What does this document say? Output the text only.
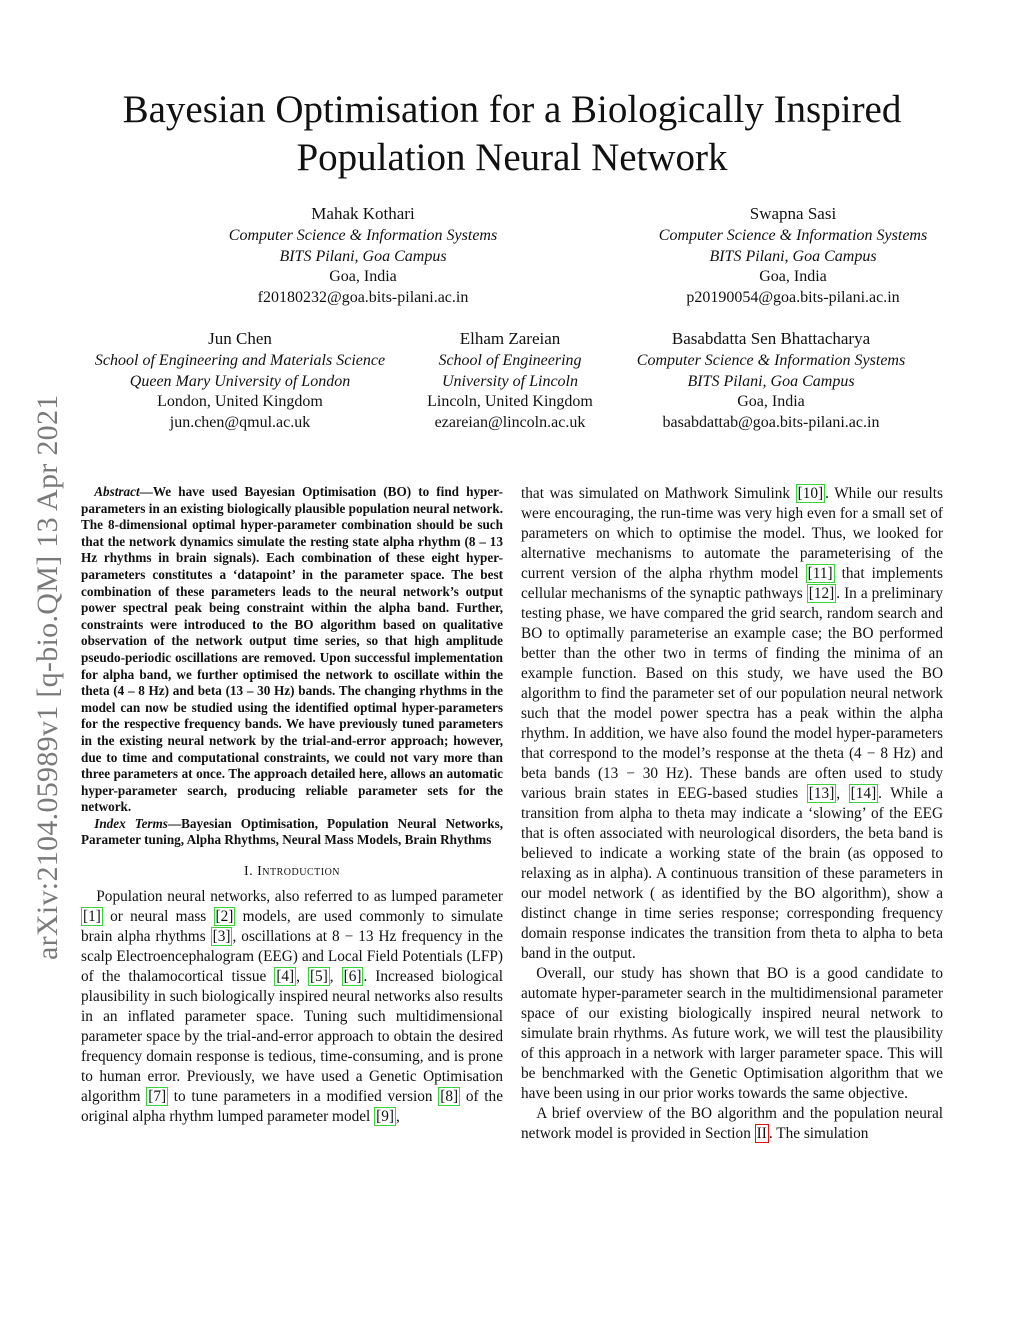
arXiv:2104.05989v1 [q-bio.QM] 13 Apr 2021
Bayesian Optimisation for a Biologically Inspired
Population Neural Network
Mahak Kothari
Computer Science & Information Systems
BITS Pilani, Goa Campus
Goa, India
f20180232@goa.bits-pilani.ac.in
Swapna Sasi
Computer Science & Information Systems
BITS Pilani, Goa Campus
Goa, India
p20190054@goa.bits-pilani.ac.in
Jun Chen
School of Engineering and Materials Science
Queen Mary University of London
London, United Kingdom
jun.chen@qmul.ac.uk
Elham Zareian
School of Engineering
University of Lincoln
Lincoln, United Kingdom
ezareian@lincoln.ac.uk
Basabdatta Sen Bhattacharya
Computer Science & Information Systems
BITS Pilani, Goa Campus
Goa, India
basabdattab@goa.bits-pilani.ac.in

Abstract—We have used Bayesian Optimisation (BO) to find hyper-parameters in an existing biologically plausible population neural network. The 8-dimensional optimal hyper-parameter combination should be such that the network dynamics simulate the resting state alpha rhythm (8 – 13 Hz rhythms in brain signals). Each combination of these eight hyper-parameters constitutes a ‘datapoint’ in the parameter space. The best combination of these parameters leads to the neural network’s output power spectral peak being constraint within the alpha band. Further, constraints were introduced to the BO algorithm based on qualitative observation of the network output time series, so that high amplitude pseudo-periodic oscillations are removed. Upon successful implementation for alpha band, we further optimised the network to oscillate within the theta (4 – 8 Hz) and beta (13 – 30 Hz) bands. The changing rhythms in the model can now be studied using the identified optimal hyper-parameters for the respective frequency bands. We have previously tuned parameters in the existing neural network by the trial-and-error approach; however, due to time and computational constraints, we could not vary more than three parameters at once. The approach detailed here, allows an automatic hyper-parameter search, producing reliable parameter sets for the network.

Index Terms—Bayesian Optimisation, Population Neural Networks, Parameter tuning, Alpha Rhythms, Neural Mass Models, Brain Rhythms

I. Introduction

Population neural networks, also referred to as lumped parameter [1] or neural mass [2] models, are used commonly to simulate brain alpha rhythms [3] , oscillations at 8 − 13 Hz frequency in the scalp Electroencephalogram (EEG) and Local Field Potentials (LFP) of the thalamocortical tissue [4] , [5] , [6] . Increased biological plausibility in such biologically inspired neural networks also results in an inflated parameter space. Tuning such multidimensional parameter space by the trial-and-error approach to obtain the desired frequency domain response is tedious, time-consuming, and is prone to human error. Previously, we have used a Genetic Optimisation algorithm [7] to tune parameters in a modified version [8] of the original alpha rhythm lumped parameter model [9] ,

that was simulated on Mathwork Simulink [10] . While our results were encouraging, the run-time was very high even for a small set of parameters on which to optimise the model. Thus, we looked for alternative mechanisms to automate the parameterising of the current version of the alpha rhythm model [11] that implements cellular mechanisms of the synaptic pathways [12] . In a preliminary testing phase, we have compared the grid search, random search and BO to optimally parameterise an example case; the BO performed better than the other two in terms of finding the minima of an example function. Based on this study, we have used the BO algorithm to find the parameter set of our population neural network such that the model power spectra has a peak within the alpha rhythm. In addition, we have also found the model hyper-parameters that correspond to the model’s response at the theta (4 − 8 Hz) and beta bands (13 − 30 Hz). These bands are often used to study various brain states in EEG-based studies [13] , [14] . While a transition from alpha to theta may indicate a ‘slowing’ of the EEG that is often associated with neurological disorders, the beta band is believed to indicate a working state of the brain (as opposed to relaxing as in alpha). A continuous transition of these parameters in our model network ( as identified by the BO algorithm), show a distinct change in time series response; corresponding frequency domain response indicates the transition from theta to alpha to beta band in the output.

Overall, our study has shown that BO is a good candidate to automate hyper-parameter search in the multidimensional parameter space of our existing biologically inspired neural network to simulate brain rhythms. As future work, we will test the plausibility of this approach in a network with larger parameter space. This will be benchmarked with the Genetic Optimisation algorithm that we have been using in our prior works towards the same objective.

A brief overview of the BO algorithm and the population neural network model is provided in Section II . The simulation
